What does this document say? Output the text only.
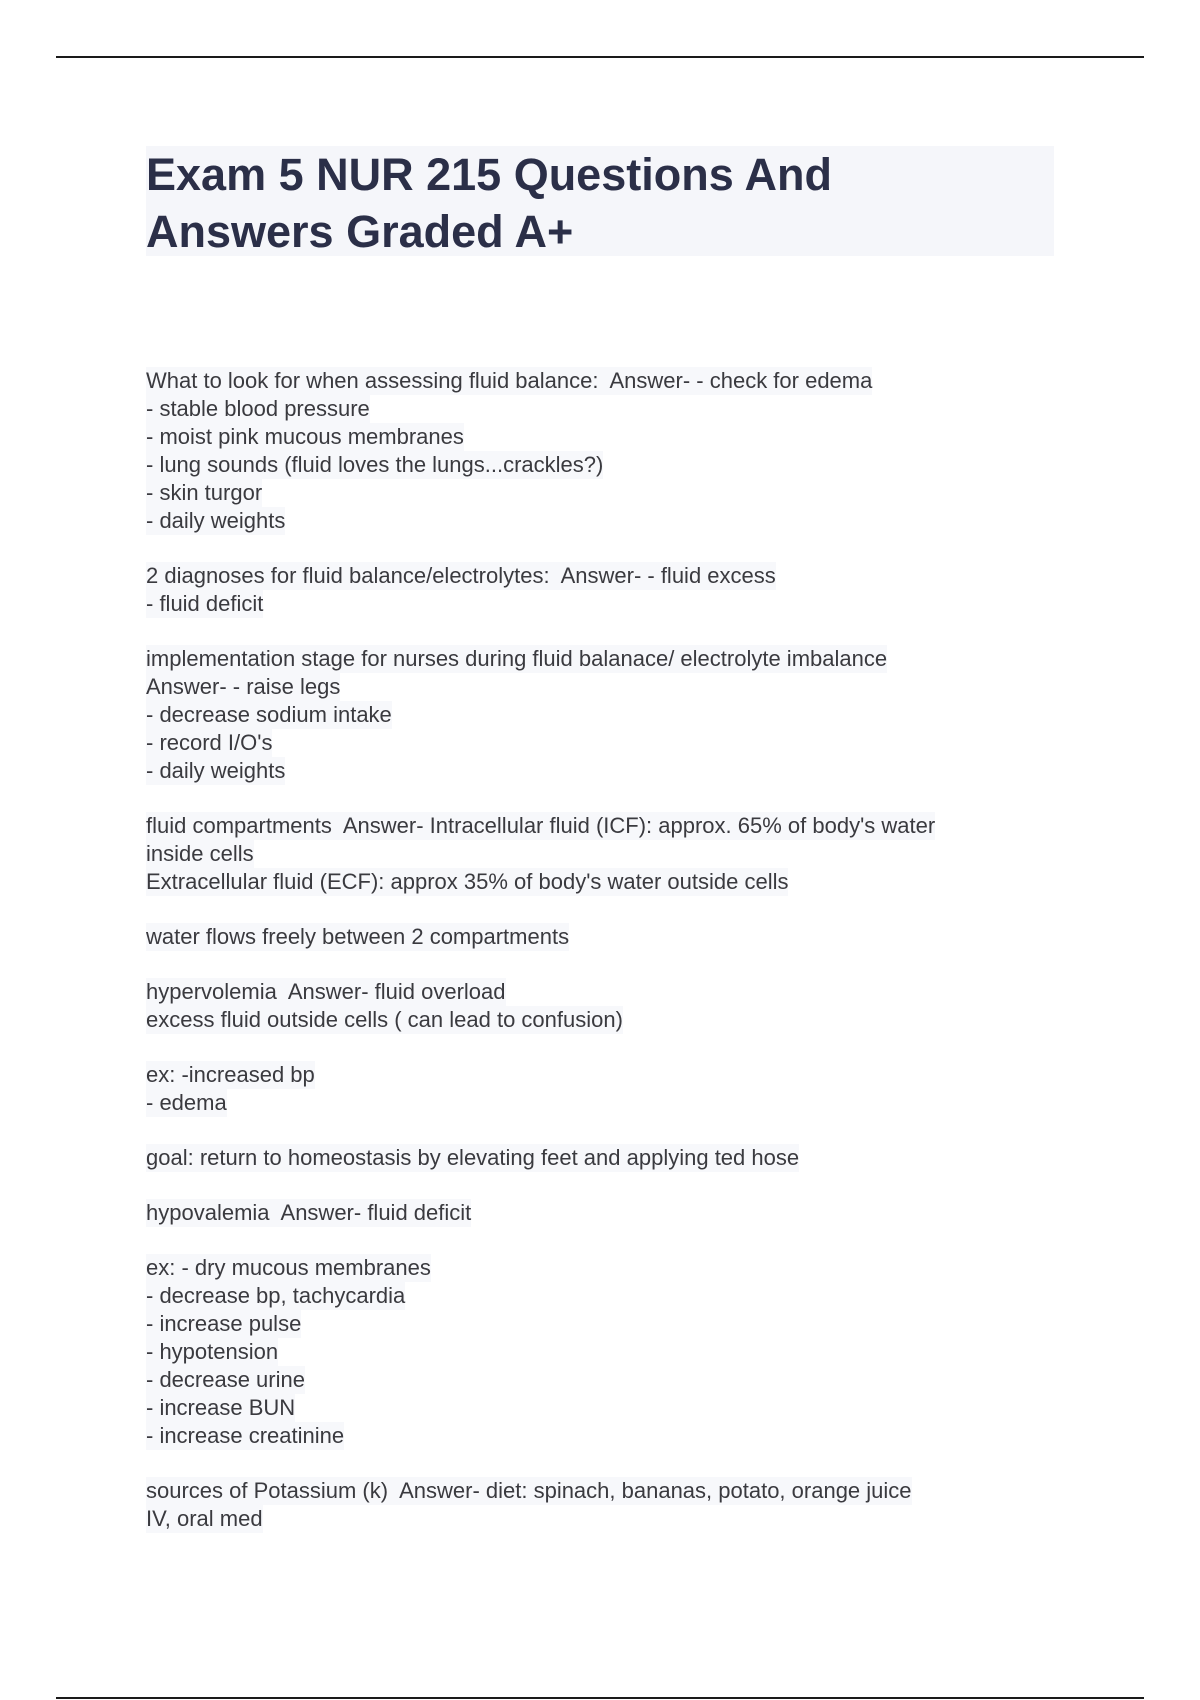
Exam 5 NUR 215 Questions And
Answers Graded A+
What to look for when assessing fluid balance:  Answer- - check for edema
- stable blood pressure
- moist pink mucous membranes
- lung sounds (fluid loves the lungs...crackles?)
- skin turgor
- daily weights
2 diagnoses for fluid balance/electrolytes:  Answer- - fluid excess
- fluid deficit
implementation stage for nurses during fluid balanace/ electrolyte imbalance
Answer- - raise legs
- decrease sodium intake
- record I/O's
- daily weights
fluid compartments  Answer- Intracellular fluid (ICF): approx. 65% of body's water
inside cells
Extracellular fluid (ECF): approx 35% of body's water outside cells
water flows freely between 2 compartments
hypervolemia  Answer- fluid overload
excess fluid outside cells ( can lead to confusion)
ex: -increased bp
- edema
goal: return to homeostasis by elevating feet and applying ted hose
hypovalemia  Answer- fluid deficit
ex: - dry mucous membranes
- decrease bp, tachycardia
- increase pulse
- hypotension
- decrease urine
- increase BUN
- increase creatinine
sources of Potassium (k)  Answer- diet: spinach, bananas, potato, orange juice
IV, oral med
